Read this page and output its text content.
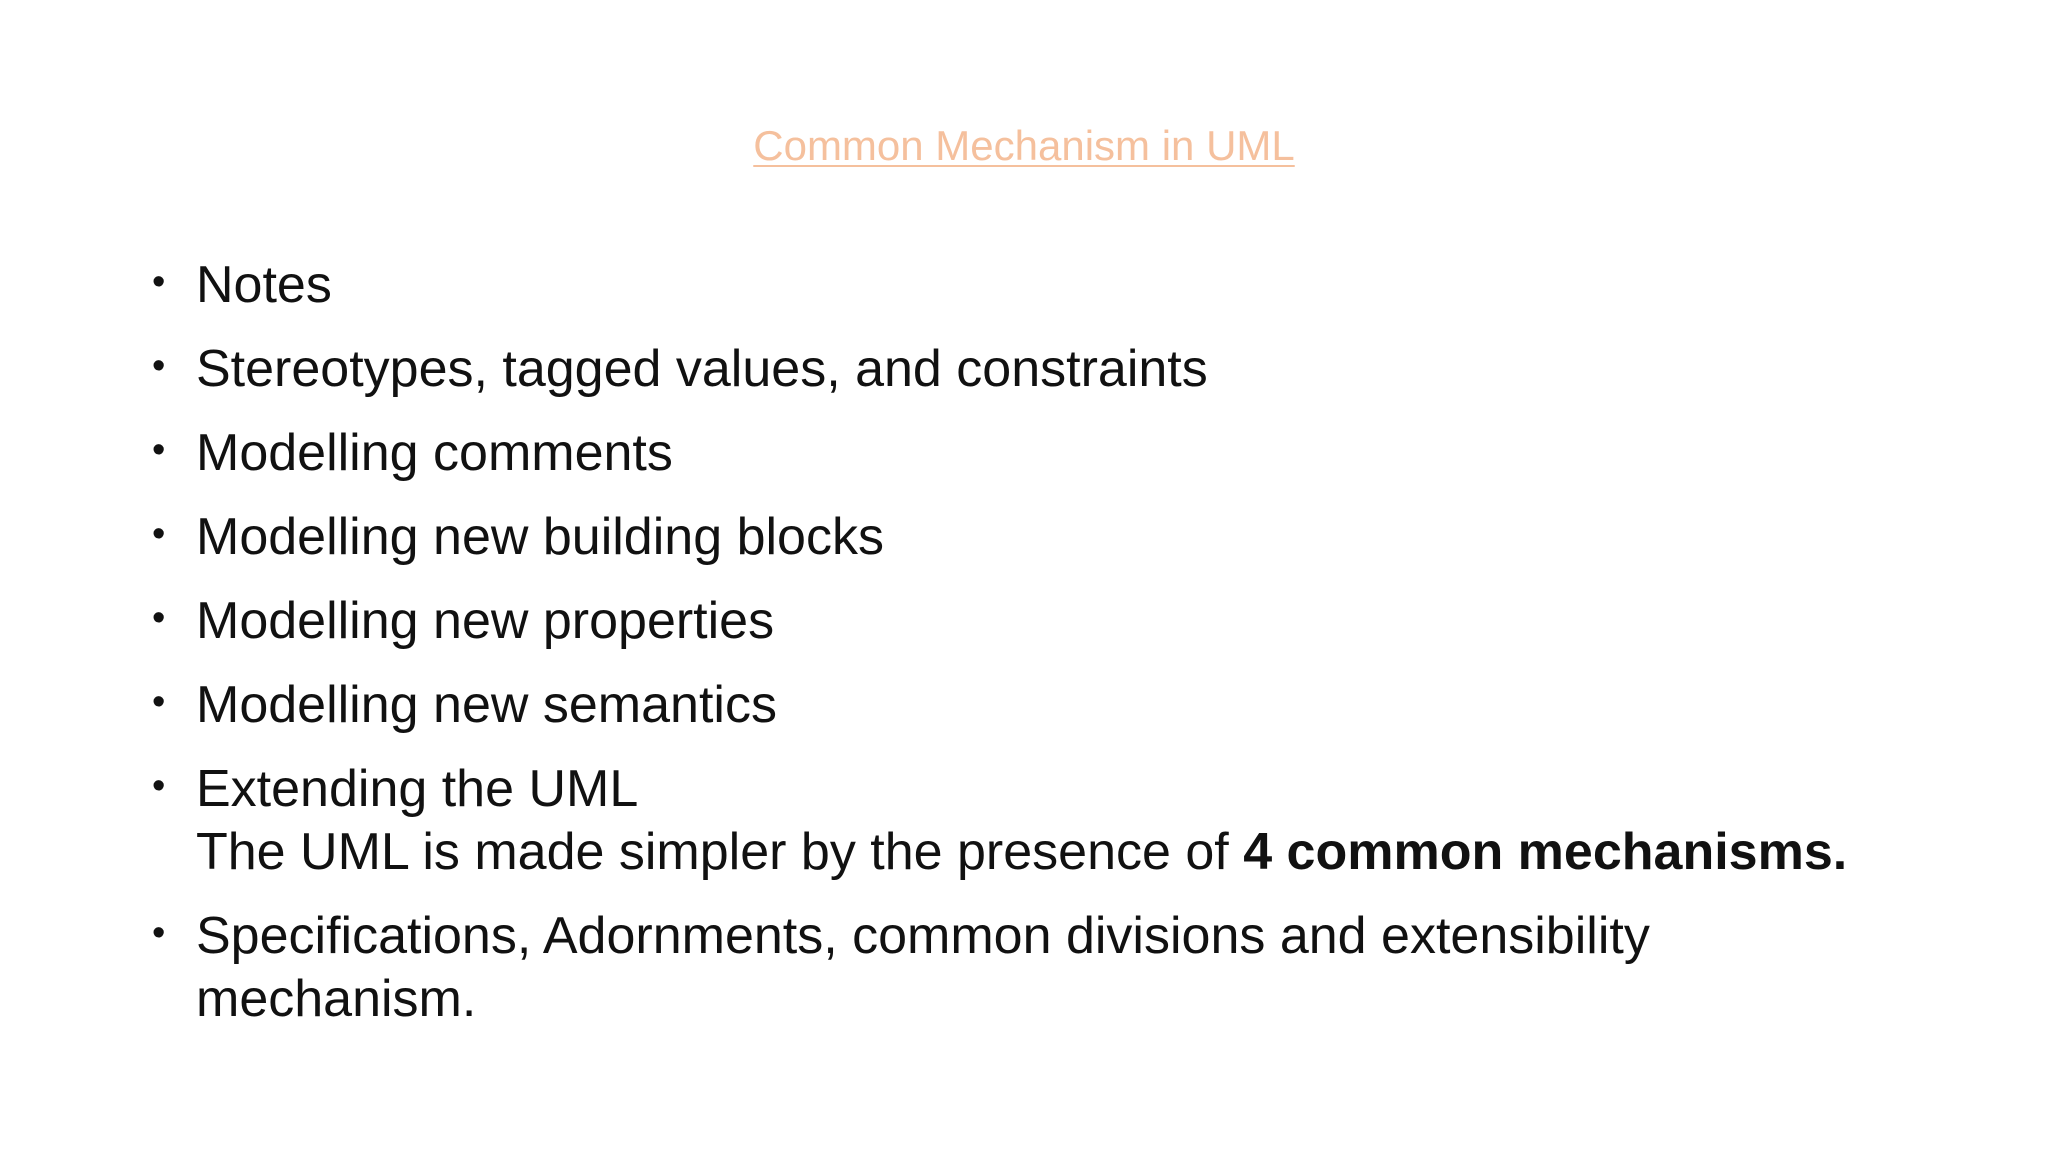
Common Mechanism in UML
• Notes
• Stereotypes, tagged values, and constraints
• Modelling comments
• Modelling new building blocks
• Modelling new properties
• Modelling new semantics
• Extending the UML
The UML is made simpler by the presence of 4 common mechanisms.
• Specifications, Adornments, common divisions and extensibility
mechanism.
